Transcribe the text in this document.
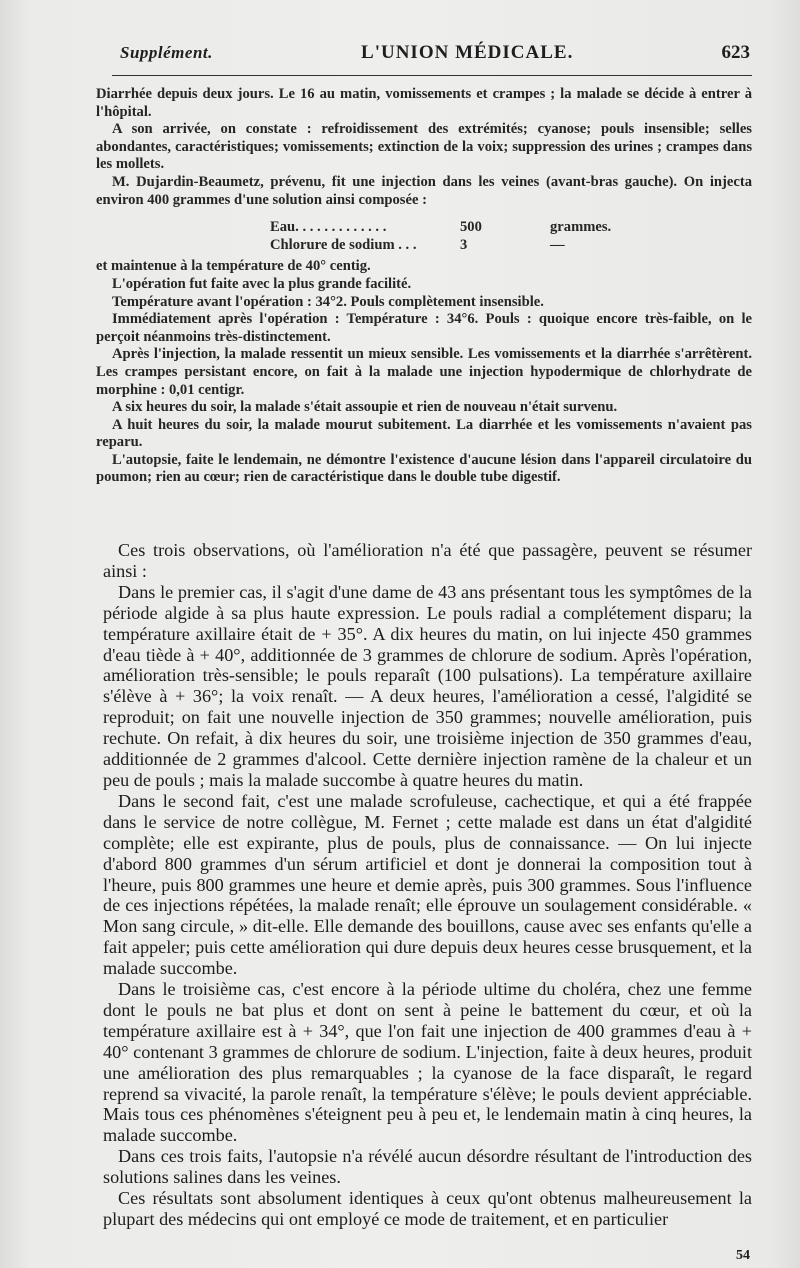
Supplément.	L'UNION MÉDICALE.	623

Diarrhée depuis deux jours. Le 16 au matin, vomissements et crampes ; la malade se décide à entrer à l'hôpital.

A son arrivée, on constate : refroidissement des extrémités; cyanose; pouls insensible; selles abondantes, caractéristiques; vomissements; extinction de la voix; suppression des urines ; crampes dans les mollets.

M. Dujardin-Beaumetz, prévenu, fit une injection dans les veines (avant-bras gauche). On injecta environ 400 grammes d'une solution ainsi composée :

Eau. . . . . . . . . . . . .	500	grammes.
Chlorure de sodium . . .	3	—

et maintenue à la température de 40° centig.

L'opération fut faite avec la plus grande facilité.

Température avant l'opération : 34°2. Pouls complètement insensible.

Immédiatement après l'opération : Température : 34°6. Pouls : quoique encore très-faible, on le perçoit néanmoins très-distinctement.

Après l'injection, la malade ressentit un mieux sensible. Les vomissements et la diarrhée s'arrêtèrent. Les crampes persistant encore, on fait à la malade une injection hypodermique de chlorhydrate de morphine : 0,01 centigr.

A six heures du soir, la malade s'était assoupie et rien de nouveau n'était survenu.

A huit heures du soir, la malade mourut subitement. La diarrhée et les vomissements n'avaient pas reparu.

L'autopsie, faite le lendemain, ne démontre l'existence d'aucune lésion dans l'appareil circulatoire du poumon; rien au cœur; rien de caractéristique dans le double tube digestif.

Ces trois observations, où l'amélioration n'a été que passagère, peuvent se résumer ainsi :

Dans le premier cas, il s'agit d'une dame de 43 ans présentant tous les symptômes de la période algide à sa plus haute expression. Le pouls radial a complétement disparu; la température axillaire était de + 35°. A dix heures du matin, on lui injecte 450 grammes d'eau tiède à + 40°, additionnée de 3 grammes de chlorure de sodium. Après l'opération, amélioration très-sensible; le pouls reparaît (100 pulsations). La température axillaire s'élève à + 36°; la voix renaît. — A deux heures, l'amélioration a cessé, l'algidité se reproduit; on fait une nouvelle injection de 350 grammes; nouvelle amélioration, puis rechute. On refait, à dix heures du soir, une troisième injection de 350 grammes d'eau, additionnée de 2 grammes d'alcool. Cette dernière injection ramène de la chaleur et un peu de pouls ; mais la malade succombe à quatre heures du matin.

Dans le second fait, c'est une malade scrofuleuse, cachectique, et qui a été frappée dans le service de notre collègue, M. Fernet ; cette malade est dans un état d'algidité complète; elle est expirante, plus de pouls, plus de connaissance. — On lui injecte d'abord 800 grammes d'un sérum artificiel et dont je donnerai la composition tout à l'heure, puis 800 grammes une heure et demie après, puis 300 grammes. Sous l'influence de ces injections répétées, la malade renaît; elle éprouve un soulagement considérable. « Mon sang circule, » dit-elle. Elle demande des bouillons, cause avec ses enfants qu'elle a fait appeler; puis cette amélioration qui dure depuis deux heures cesse brusquement, et la malade succombe.

Dans le troisième cas, c'est encore à la période ultime du choléra, chez une femme dont le pouls ne bat plus et dont on sent à peine le battement du cœur, et où la température axillaire est à + 34°, que l'on fait une injection de 400 grammes d'eau à + 40° contenant 3 grammes de chlorure de sodium. L'injection, faite à deux heures, produit une amélioration des plus remarquables ; la cyanose de la face disparaît, le regard reprend sa vivacité, la parole renaît, la température s'élève; le pouls devient appréciable. Mais tous ces phénomènes s'éteignent peu à peu et, le lendemain matin à cinq heures, la malade succombe.

Dans ces trois faits, l'autopsie n'a révélé aucun désordre résultant de l'introduction des solutions salines dans les veines.

Ces résultats sont absolument identiques à ceux qu'ont obtenus malheureusement la plupart des médecins qui ont employé ce mode de traitement, et en particulier

54
